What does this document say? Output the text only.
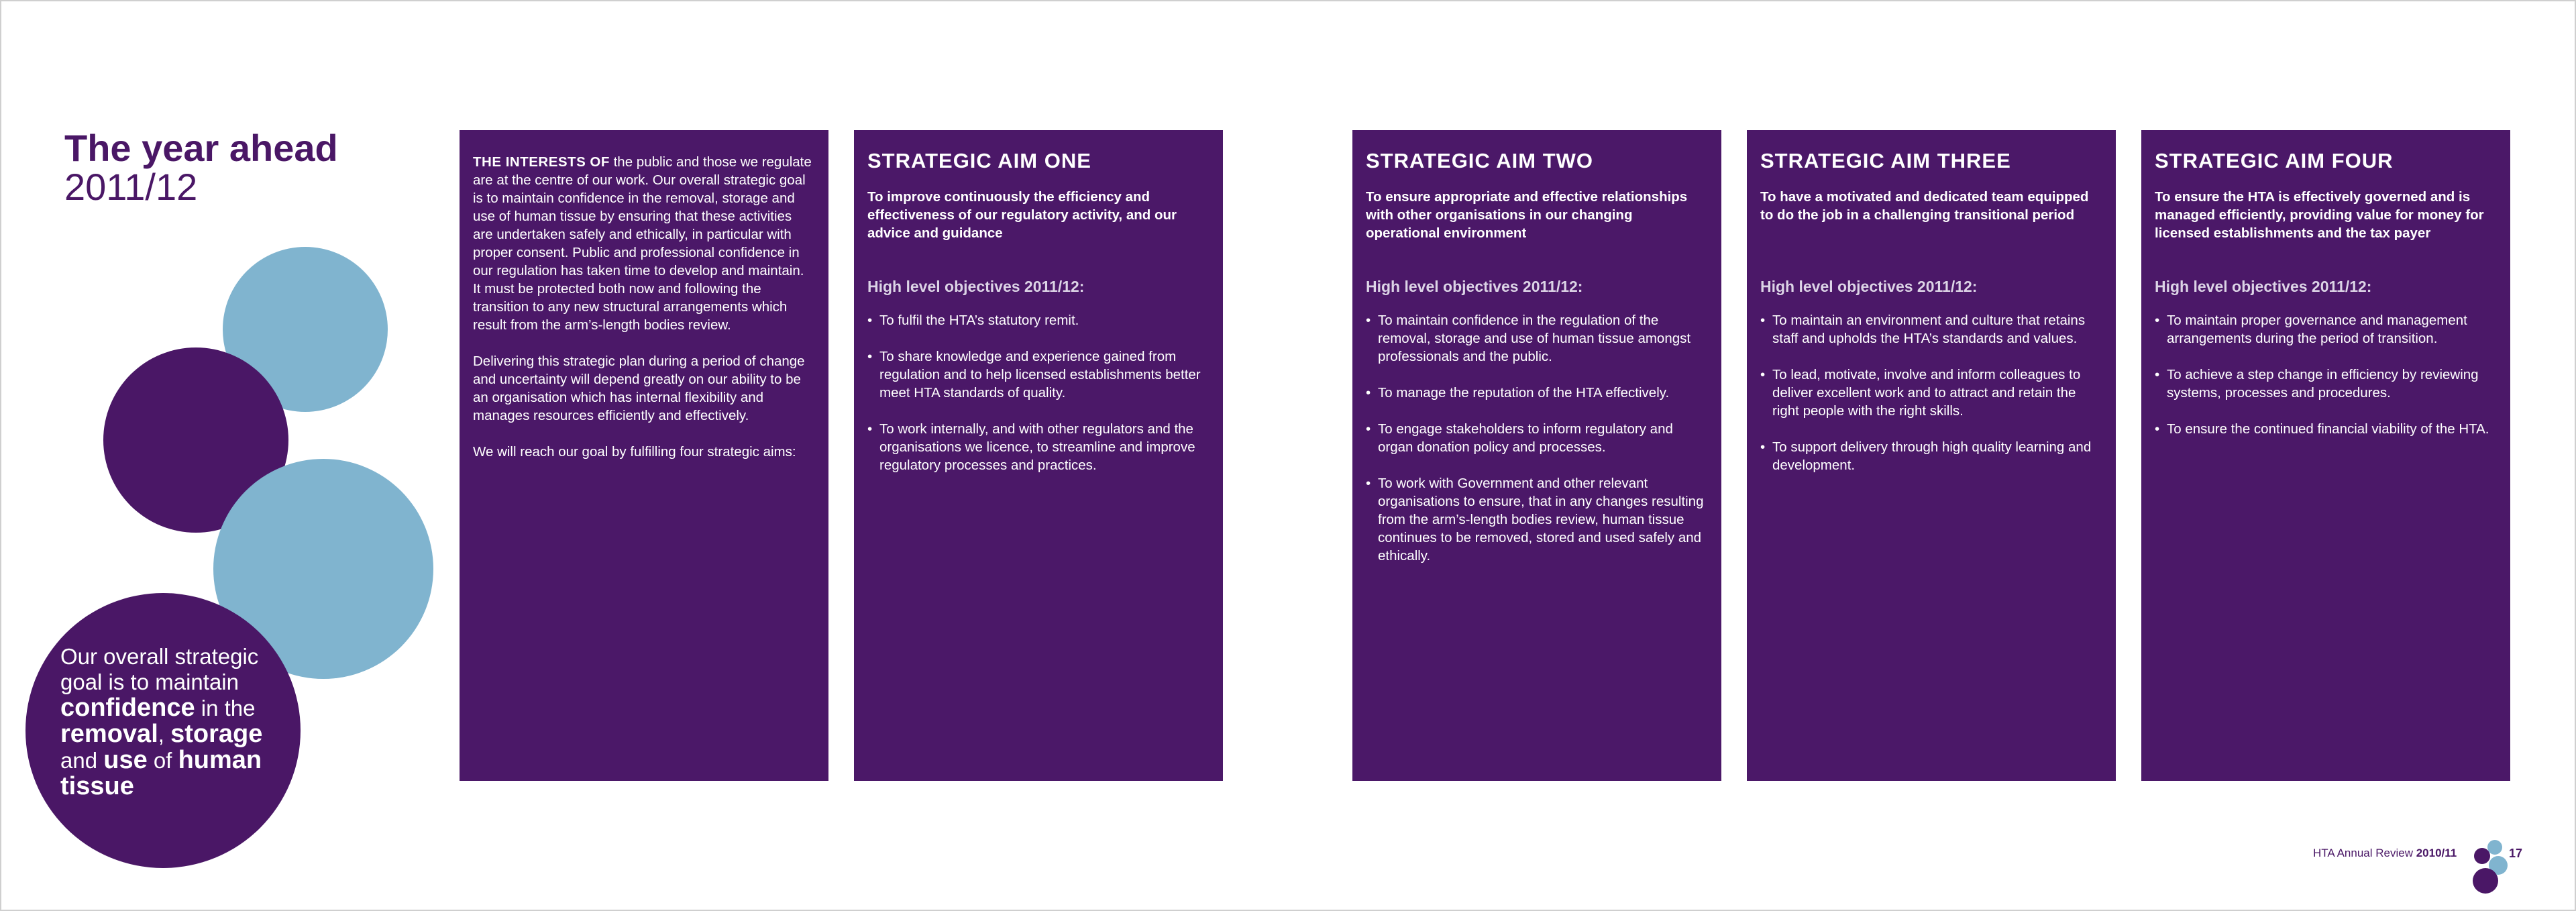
The year ahead
2011/12
Our overall strategic goal is to maintain confidence in the removal, storage and use of human tissue

THE INTERESTS OF the public and those we regulate are at the centre of our work. Our overall strategic goal is to maintain confidence in the removal, storage and use of human tissue by ensuring that these activities are undertaken safely and ethically, in particular with proper consent. Public and professional confidence in our regulation has taken time to develop and maintain. It must be protected both now and following the transition to any new structural arrangements which result from the arm’s-length bodies review.

Delivering this strategic plan during a period of change and uncertainty will depend greatly on our ability to be an organisation which has internal flexibility and manages resources efficiently and effectively.

We will reach our goal by fulfilling four strategic aims:

STRATEGIC AIM ONE
To improve continuously the efficiency and effectiveness of our regulatory activity, and our advice and guidance
High level objectives 2011/12:
• To fulfil the HTA’s statutory remit.
• To share knowledge and experience gained from regulation and to help licensed establishments better meet HTA standards of quality.
• To work internally, and with other regulators and the organisations we licence, to streamline and improve regulatory processes and practices.
STRATEGIC AIM TWO
To ensure appropriate and effective relationships with other organisations in our changing operational environment
High level objectives 2011/12:
• To maintain confidence in the regulation of the removal, storage and use of human tissue amongst professionals and the public.
• To manage the reputation of the HTA effectively.
• To engage stakeholders to inform regulatory and organ donation policy and processes.
• To work with Government and other relevant organisations to ensure, that in any changes resulting from the arm’s-length bodies review, human tissue continues to be removed, stored and used safely and ethically.
STRATEGIC AIM THREE
To have a motivated and dedicated team equipped to do the job in a challenging transitional period
High level objectives 2011/12:
• To maintain an environment and culture that retains staff and upholds the HTA’s standards and values.
• To lead, motivate, involve and inform colleagues to deliver excellent work and to attract and retain the right people with the right skills.
• To support delivery through high quality learning and development.
STRATEGIC AIM FOUR
To ensure the HTA is effectively governed and is managed efficiently, providing value for money for licensed establishments and the tax payer
High level objectives 2011/12:
• To maintain proper governance and management arrangements during the period of transition.
• To achieve a step change in efficiency by reviewing systems, processes and procedures.
• To ensure the continued financial viability of the HTA.
HTA Annual Review 2010/11	17
